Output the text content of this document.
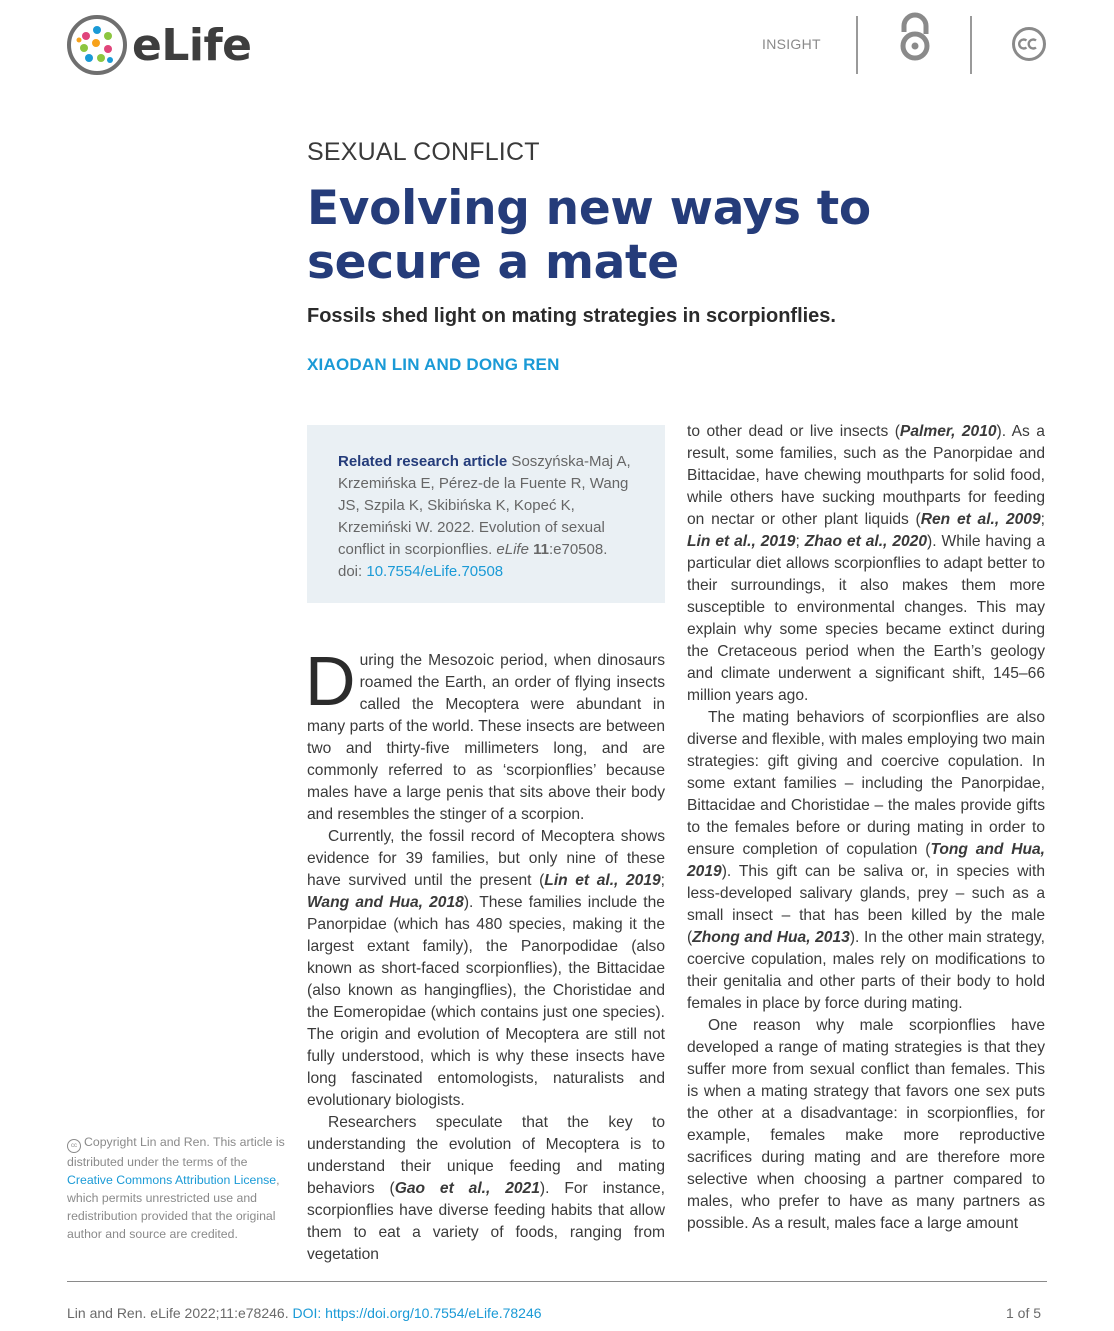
eLife	INSIGHT
SEXUAL CONFLICT
Evolving new ways to secure a mate
Fossils shed light on mating strategies in scorpionflies.
XIAODAN LIN AND DONG REN
Related research article Soszyńska-Maj A, Krzemińska E, Pérez-de la Fuente R, Wang JS, Szpila K, Skibińska K, Kopeć K, Krzemiński W. 2022. Evolution of sexual conflict in scorpionflies. eLife 11:e70508.
doi: 10.7554/eLife.70508

During the Mesozoic period, when dinosaurs roamed the Earth, an order of flying insects called the Mecoptera were abundant in many parts of the world. These insects are between two and thirty-five millimeters long, and are commonly referred to as ‘scorpionflies’ because males have a large penis that sits above their body and resembles the stinger of a scorpion.

Currently, the fossil record of Mecoptera shows evidence for 39 families, but only nine of these have survived until the present (Lin et al., 2019; Wang and Hua, 2018). These families include the Panorpidae (which has 480 species, making it the largest extant family), the Panorpodidae (also known as short-faced scorpionflies), the Bittacidae (also known as hangingflies), the Choristidae and the Eomeropidae (which contains just one species). The origin and evolution of Mecoptera are still not fully understood, which is why these insects have long fascinated entomologists, naturalists and evolutionary biologists.

Researchers speculate that the key to understanding the evolution of Mecoptera is to understand their unique feeding and mating behaviors (Gao et al., 2021). For instance, scorpionflies have diverse feeding habits that allow them to eat a variety of foods, ranging from vegetation

to other dead or live insects (Palmer, 2010). As a result, some families, such as the Panorpidae and Bittacidae, have chewing mouthparts for solid food, while others have sucking mouthparts for feeding on nectar or other plant liquids (Ren et al., 2009; Lin et al., 2019; Zhao et al., 2020). While having a particular diet allows scorpionflies to adapt better to their surroundings, it also makes them more susceptible to environmental changes. This may explain why some species became extinct during the Cretaceous period when the Earth’s geology and climate underwent a significant shift, 145–66 million years ago.

The mating behaviors of scorpionflies are also diverse and flexible, with males employing two main strategies: gift giving and coercive copulation. In some extant families – including the Panorpidae, Bittacidae and Choristidae – the males provide gifts to the females before or during mating in order to ensure completion of copulation (Tong and Hua, 2019). This gift can be saliva or, in species with less-developed salivary glands, prey – such as a small insect – that has been killed by the male (Zhong and Hua, 2013). In the other main strategy, coercive copulation, males rely on modifications to their genitalia and other parts of their body to hold females in place by force during mating.

One reason why male scorpionflies have developed a range of mating strategies is that they suffer more from sexual conflict than females. This is when a mating strategy that favors one sex puts the other at a disadvantage: in scorpionflies, for example, females make more reproductive sacrifices during mating and are therefore more selective when choosing a partner compared to males, who prefer to have as many partners as possible. As a result, males face a large amount

cc Copyright Lin and Ren. This article is distributed under the terms of the Creative Commons Attribution License, which permits unrestricted use and redistribution provided that the original author and source are credited.
Lin and Ren. eLife 2022;11:e78246. DOI: https://doi.org/10.7554/eLife.78246	1 of 5
